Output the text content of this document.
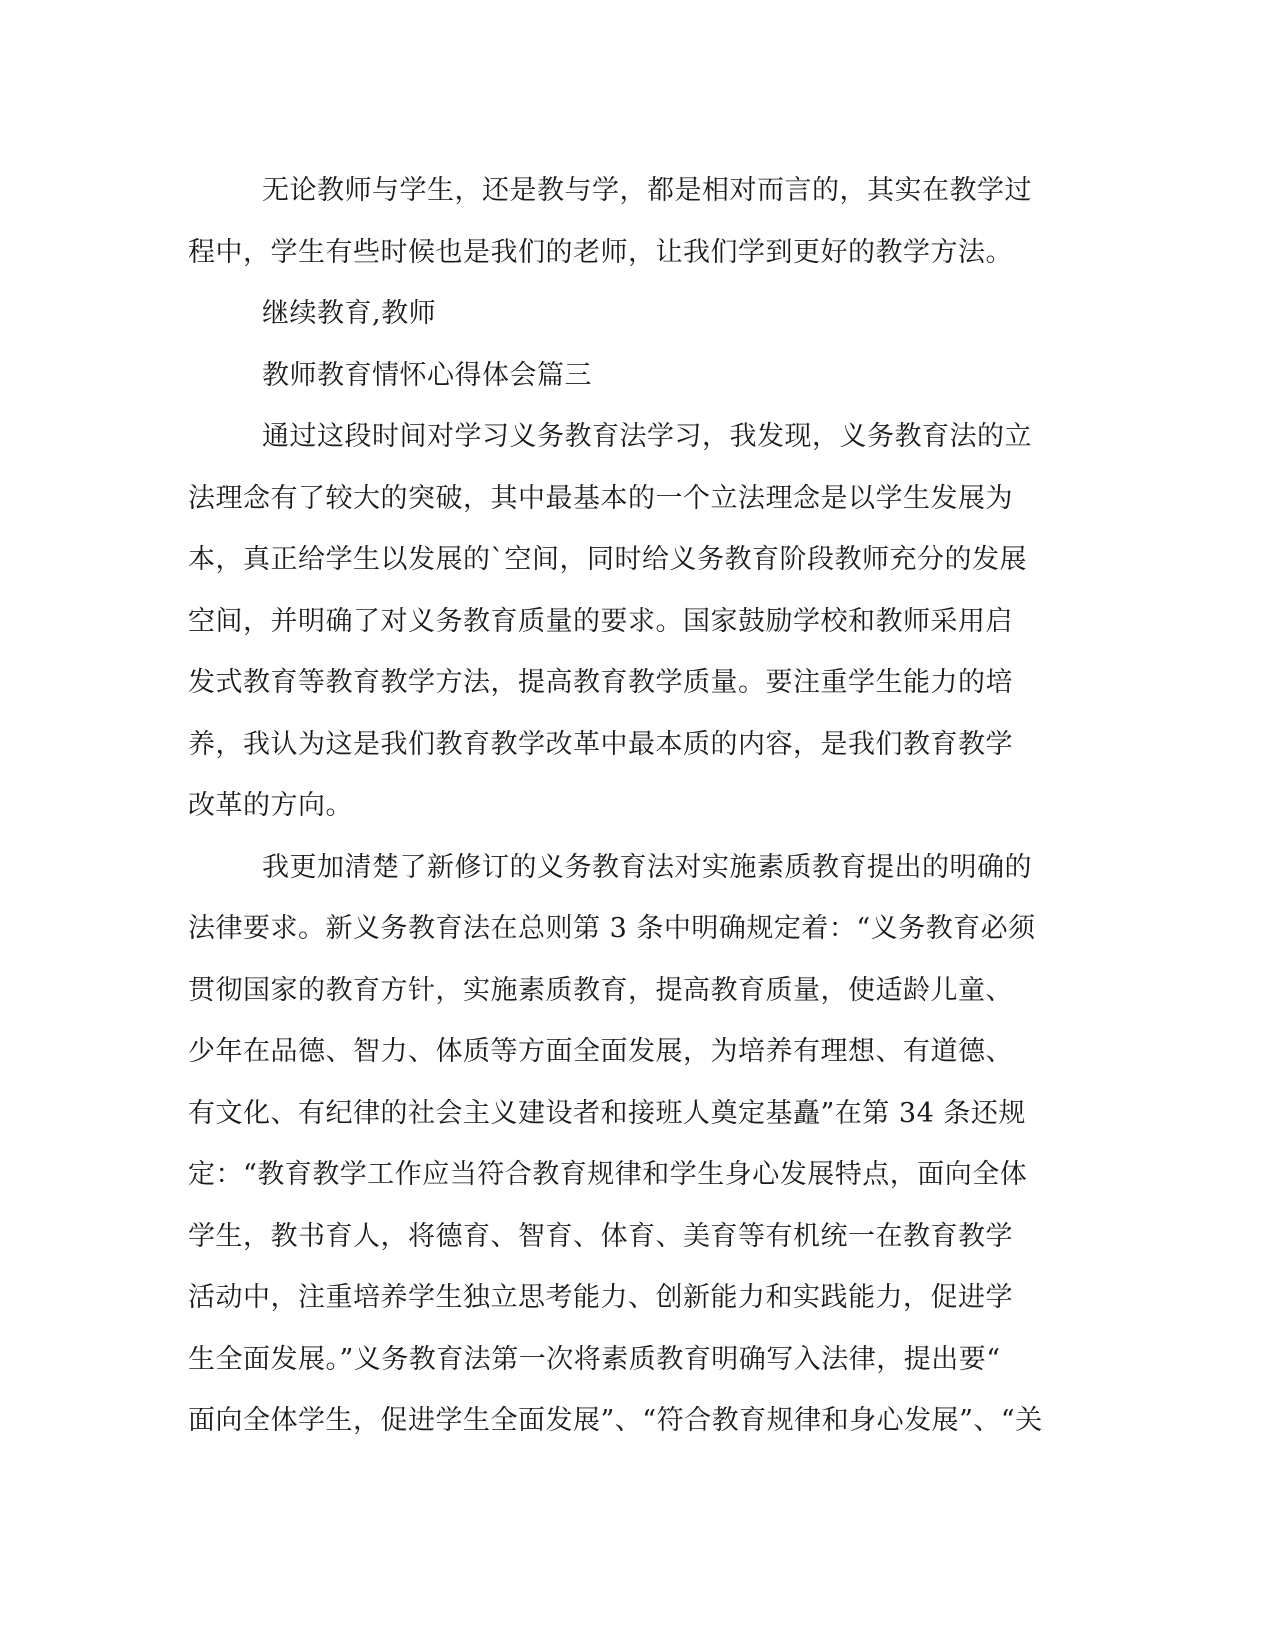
无论教师与学生，还是教与学，都是相对而言的，其实在教学过
程中，学生有些时候也是我们的老师，让我们学到更好的教学方法。
继续教育,教师
教师教育情怀心得体会篇三
通过这段时间对学习义务教育法学习，我发现，义务教育法的立
法理念有了较大的突破，其中最基本的一个立法理念是以学生发展为
本，真正给学生以发展的`空间，同时给义务教育阶段教师充分的发展
空间，并明确了对义务教育质量的要求。国家鼓励学校和教师采用启
发式教育等教育教学方法，提高教育教学质量。要注重学生能力的培
养，我认为这是我们教育教学改革中最本质的内容，是我们教育教学
改革的方向。
我更加清楚了新修订的义务教育法对实施素质教育提出的明确的
法律要求。新义务教育法在总则第 3 条中明确规定着：“义务教育必须
贯彻国家的教育方针，实施素质教育，提高教育质量，使适龄儿童、
少年在品德、智力、体质等方面全面发展，为培养有理想、有道德、
有文化、有纪律的社会主义建设者和接班人奠定基矗”在第 34 条还规
定：“教育教学工作应当符合教育规律和学生身心发展特点，面向全体
学生，教书育人，将德育、智育、体育、美育等有机统一在教育教学
活动中，注重培养学生独立思考能力、创新能力和实践能力，促进学
生全面发展。”义务教育法第一次将素质教育明确写入法律，提出要“
面向全体学生，促进学生全面发展”、“符合教育规律和身心发展”、“关
